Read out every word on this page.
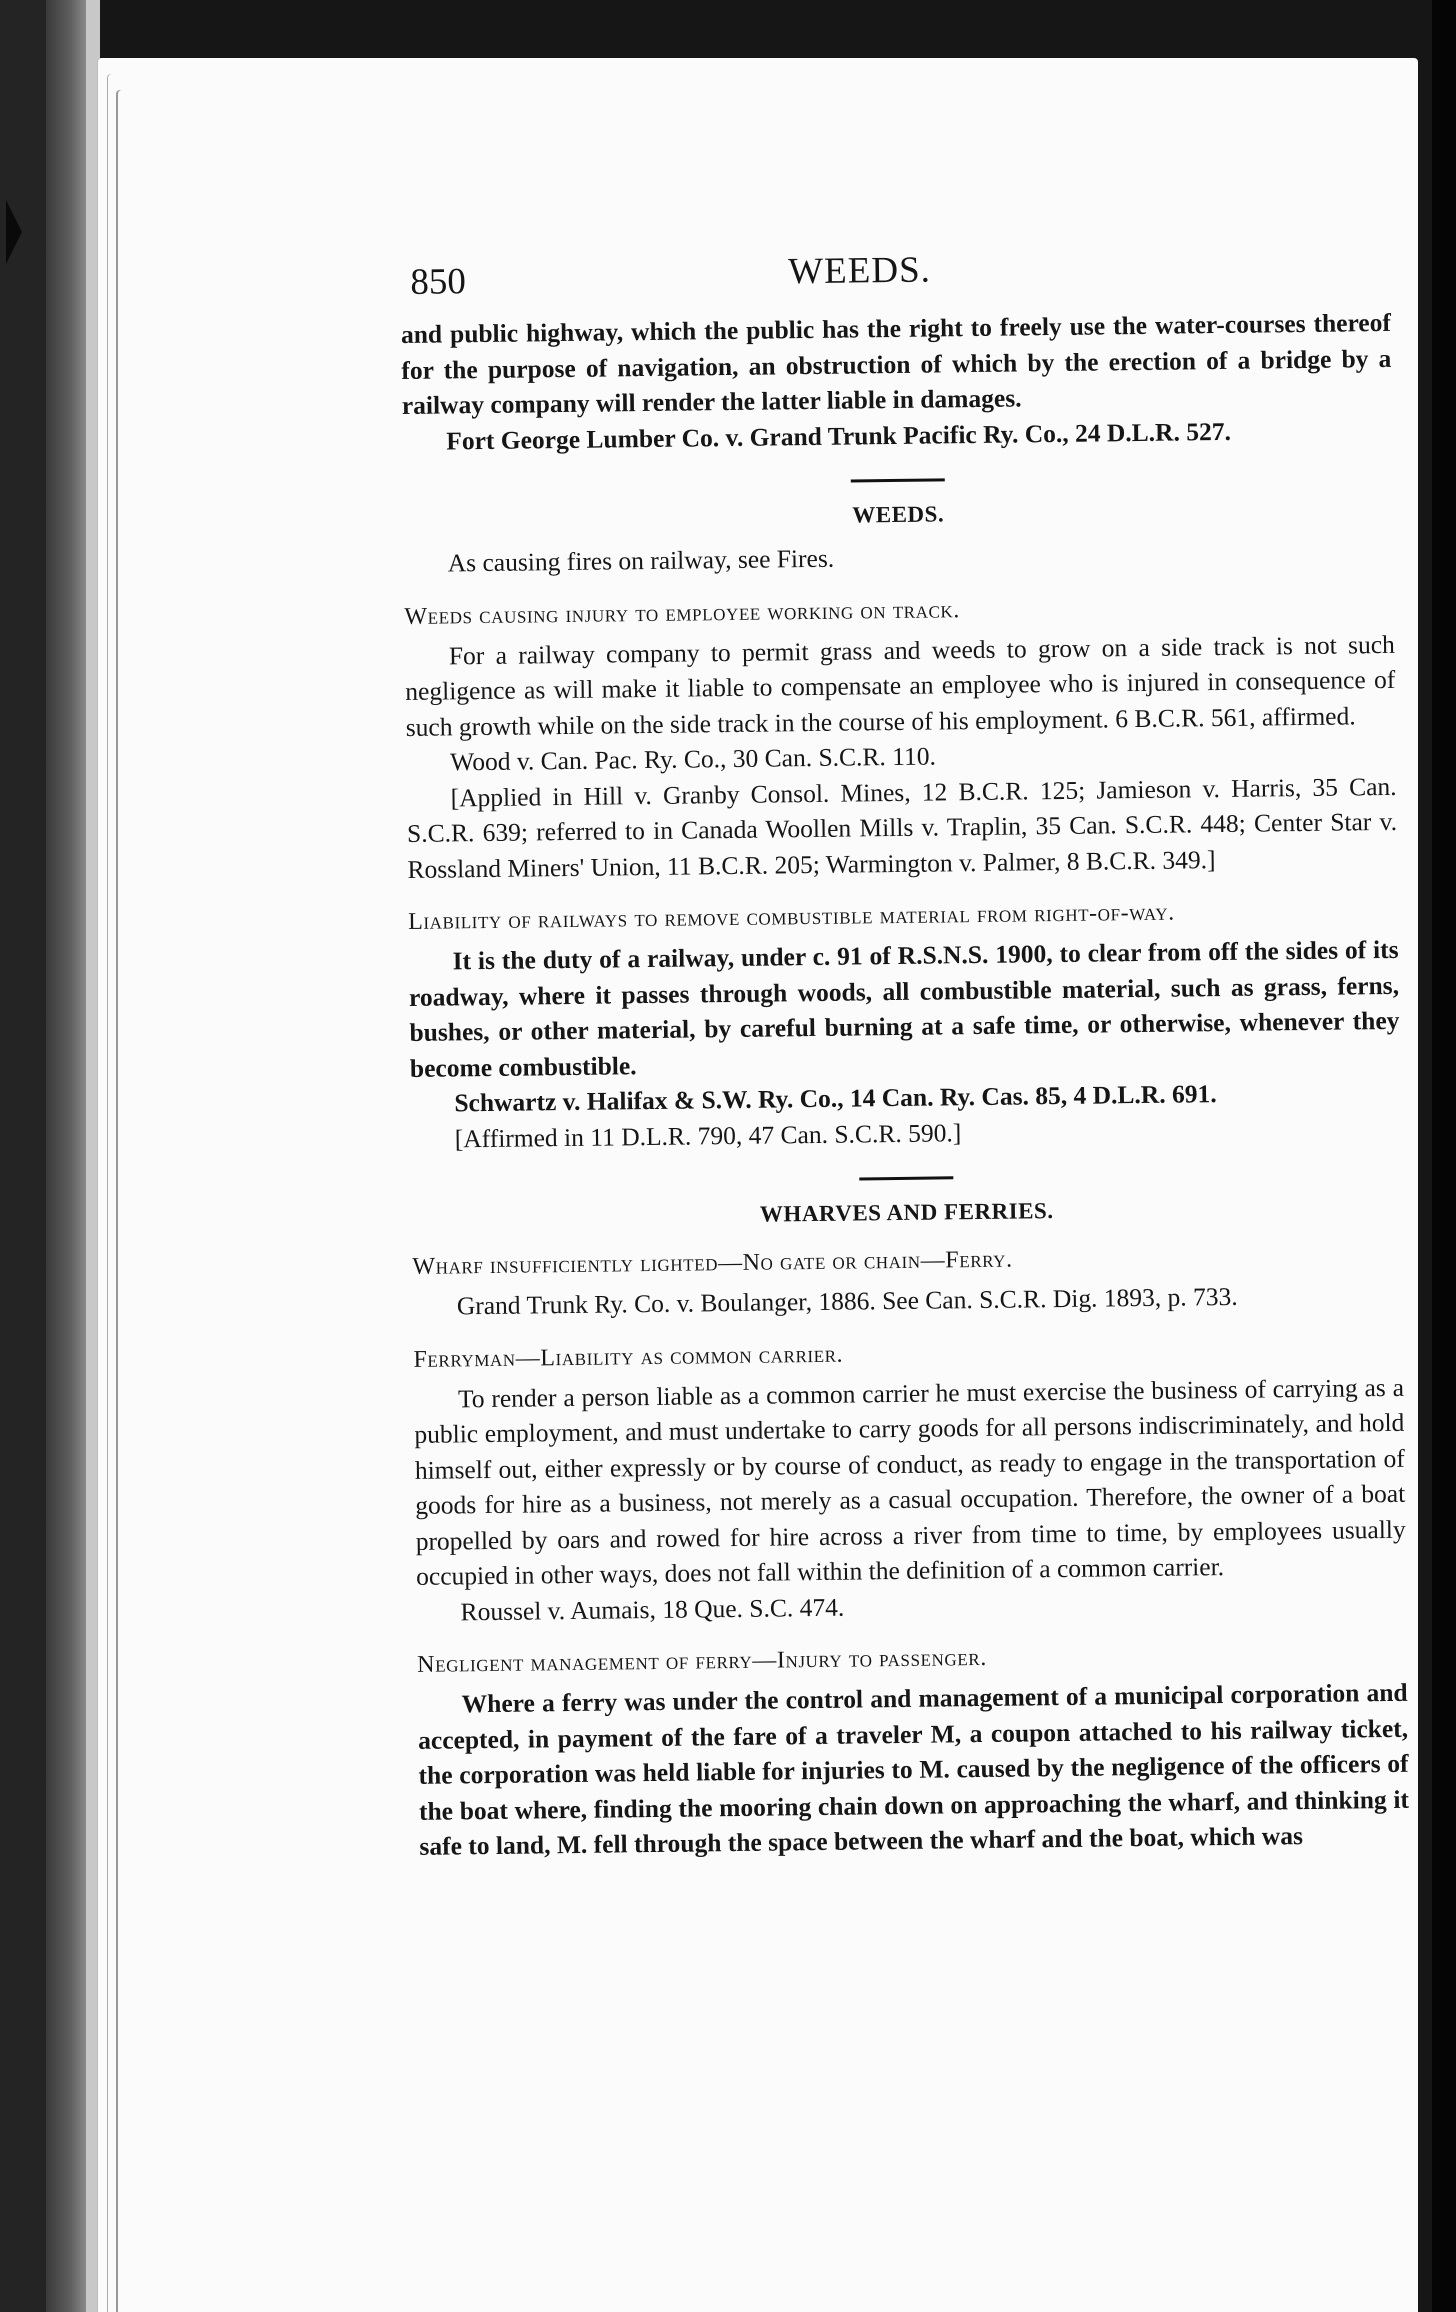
850	WEEDS.

and public highway, which the public has the right to freely use the water-courses thereof for the purpose of navigation, an obstruction of which by the erection of a bridge by a railway company will render the latter liable in damages.

Fort George Lumber Co. v. Grand Trunk Pacific Ry. Co., 24 D.L.R. 527.

WEEDS.

As causing fires on railway, see Fires.

Weeds causing injury to employee working on track.

For a railway company to permit grass and weeds to grow on a side track is not such negligence as will make it liable to compensate an employee who is injured in consequence of such growth while on the side track in the course of his employment. 6 B.C.R. 561, affirmed.

Wood v. Can. Pac. Ry. Co., 30 Can. S.C.R. 110.

[Applied in Hill v. Granby Consol. Mines, 12 B.C.R. 125; Jamieson v. Harris, 35 Can. S.C.R. 639; referred to in Canada Woollen Mills v. Traplin, 35 Can. S.C.R. 448; Center Star v. Rossland Miners' Union, 11 B.C.R. 205; Warmington v. Palmer, 8 B.C.R. 349.]

Liability of railways to remove combustible material from right-of-way.

It is the duty of a railway, under c. 91 of R.S.N.S. 1900, to clear from off the sides of its roadway, where it passes through woods, all combustible material, such as grass, ferns, bushes, or other material, by careful burning at a safe time, or otherwise, whenever they become combustible.

Schwartz v. Halifax & S.W. Ry. Co., 14 Can. Ry. Cas. 85, 4 D.L.R. 691.

[Affirmed in 11 D.L.R. 790, 47 Can. S.C.R. 590.]

WHARVES AND FERRIES.
Wharf insufficiently lighted—No gate or chain—Ferry.

Grand Trunk Ry. Co. v. Boulanger, 1886. See Can. S.C.R. Dig. 1893, p. 733.

Ferryman—Liability as common carrier.

To render a person liable as a common carrier he must exercise the business of carrying as a public employment, and must undertake to carry goods for all persons indiscriminately, and hold himself out, either expressly or by course of conduct, as ready to engage in the transportation of goods for hire as a business, not merely as a casual occupation. Therefore, the owner of a boat propelled by oars and rowed for hire across a river from time to time, by employees usually occupied in other ways, does not fall within the definition of a common carrier.

Roussel v. Aumais, 18 Que. S.C. 474.

Negligent management of ferry—Injury to passenger.

Where a ferry was under the control and management of a municipal corporation and accepted, in payment of the fare of a traveler M, a coupon attached to his railway ticket, the corporation was held liable for injuries to M. caused by the negligence of the officers of the boat where, finding the mooring chain down on approaching the wharf, and thinking it safe to land, M. fell through the space between the wharf and the boat, which was
